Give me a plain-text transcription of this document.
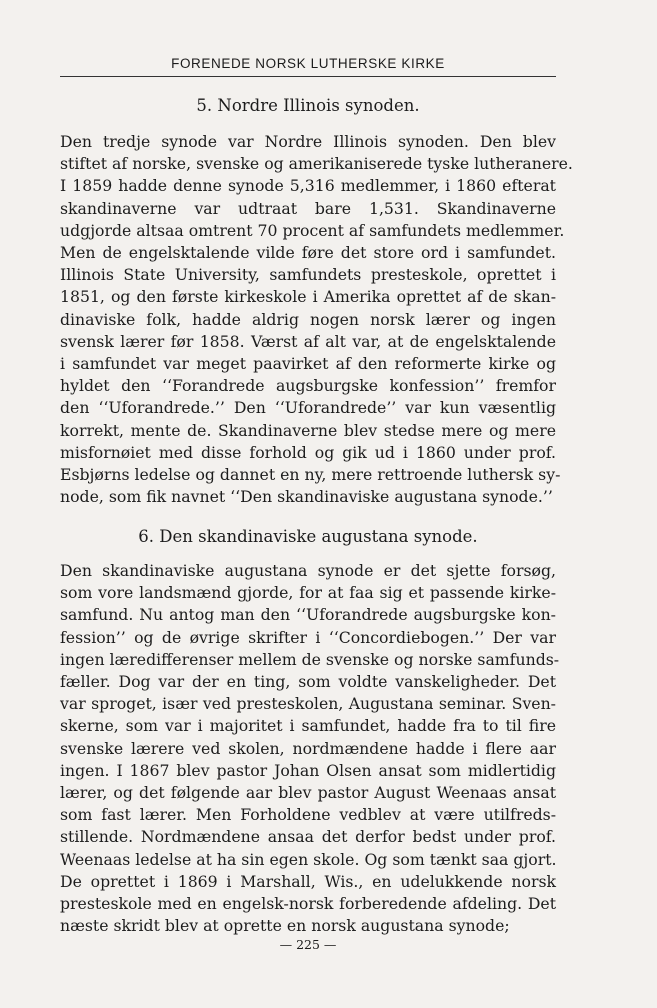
FORENEDE NORSK LUTHERSKE KIRKE
5. Nordre Illinois synoden.
Den tredje synode var Nordre Illinois synoden. Den blev
stiftet af norske, svenske og amerikaniserede tyske lutheranere.
I 1859 hadde denne synode 5,316 medlemmer, i 1860 efterat
skandinaverne var udtraat bare 1,531. Skandinaverne
udgjorde altsaa omtrent 70 procent af samfundets medlemmer.
Men de engelsktalende vilde føre det store ord i samfundet.
Illinois State University, samfundets presteskole, oprettet i
1851, og den første kirkeskole i Amerika oprettet af de skan-
dinaviske folk, hadde aldrig nogen norsk lærer og ingen
svensk lærer før 1858. Værst af alt var, at de engelsktalende
i samfundet var meget paavirket af den reformerte kirke og
hyldet den ‘‘Forandrede augsburgske konfession’’ fremfor
den ‘‘Uforandrede.’’ Den ‘‘Uforandrede’’ var kun væsentlig
korrekt, mente de. Skandinaverne blev stedse mere og mere
misfornøiet med disse forhold og gik ud i 1860 under prof.
Esbjørns ledelse og dannet en ny, mere rettroende luthersk sy-
node, som fik navnet ‘‘Den skandinaviske augustana synode.’’
6. Den skandinaviske augustana synode.
Den skandinaviske augustana synode er det sjette forsøg,
som vore landsmænd gjorde, for at faa sig et passende kirke-
samfund. Nu antog man den ‘‘Uforandrede augsburgske kon-
fession’’ og de øvrige skrifter i ‘‘Concordiebogen.’’ Der var
ingen læredifferenser mellem de svenske og norske samfunds-
fæller. Dog var der en ting, som voldte vanskeligheder. Det
var sproget, især ved presteskolen, Augustana seminar. Sven-
skerne, som var i majoritet i samfundet, hadde fra to til fire
svenske lærere ved skolen, nordmændene hadde i flere aar
ingen. I 1867 blev pastor Johan Olsen ansat som midlertidig
lærer, og det følgende aar blev pastor August Weenaas ansat
som fast lærer. Men Forholdene vedblev at være utilfreds-
stillende. Nordmændene ansaa det derfor bedst under prof.
Weenaas ledelse at ha sin egen skole. Og som tænkt saa gjort.
De oprettet i 1869 i Marshall, Wis., en udelukkende norsk
presteskole med en engelsk-norsk forberedende afdeling. Det
næste skridt blev at oprette en norsk augustana synode;
— 225 —
